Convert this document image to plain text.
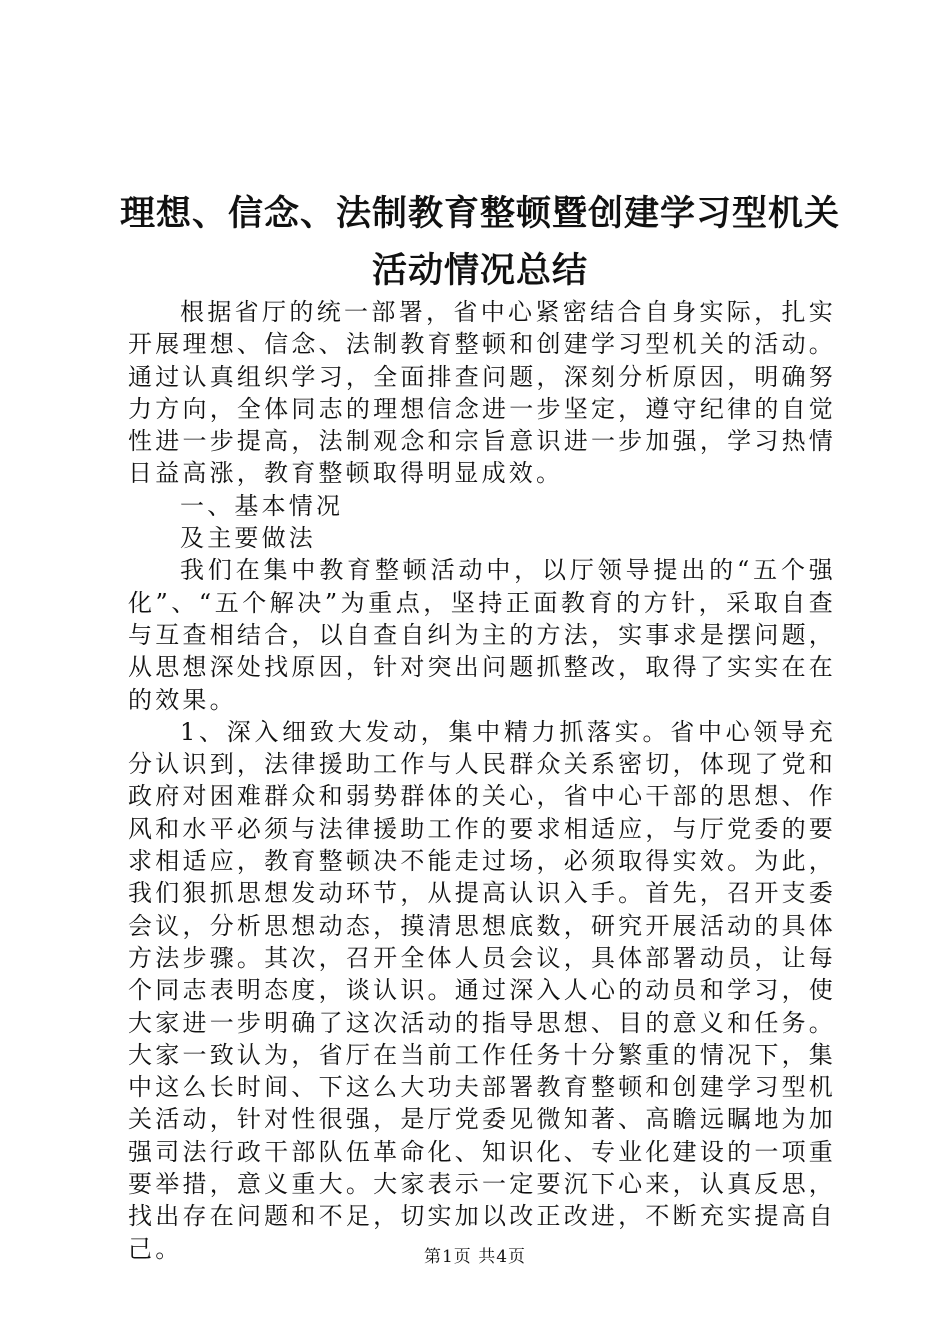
理想、信念、法制教育整顿暨创建学习型机关
活动情况总结

根据省厅的统一部署，省中心紧密结合自身实际，扎实开展理想、信念、法制教育整顿和创建学习型机关的活动。通过认真组织学习，全面排查问题，深刻分析原因，明确努力方向，全体同志的理想信念进一步坚定，遵守纪律的自觉性进一步提高，法制观念和宗旨意识进一步加强，学习热情日益高涨，教育整顿取得明显成效。

一、基本情况

及主要做法

我们在集中教育整顿活动中，以厅领导提出的“五个强化”、“五个解决”为重点，坚持正面教育的方针，采取自查与互查相结合，以自查自纠为主的方法，实事求是摆问题，从思想深处找原因，针对突出问题抓整改，取得了实实在在的效果。

1、深入细致大发动，集中精力抓落实。省中心领导充分认识到，法律援助工作与人民群众关系密切，体现了党和政府对困难群众和弱势群体的关心，省中心干部的思想、作风和水平必须与法律援助工作的要求相适应，与厅党委的要求相适应，教育整顿决不能走过场，必须取得实效。为此，我们狠抓思想发动环节，从提高认识入手。首先，召开支委会议，分析思想动态，摸清思想底数，研究开展活动的具体方法步骤。其次，召开全体人员会议，具体部署动员，让每个同志表明态度，谈认识。通过深入人心的动员和学习，使大家进一步明确了这次活动的指导思想、目的意义和任务。大家一致认为，省厅在当前工作任务十分繁重的情况下，集中这么长时间、下这么大功夫部署教育整顿和创建学习型机关活动，针对性很强，是厅党委见微知著、高瞻远瞩地为加强司法行政干部队伍革命化、知识化、专业化建设的一项重要举措，意义重大。大家表示一定要沉下心来，认真反思，找出存在问题和不足，切实加以改正改进，不断充实提高自己。	第1页 共4页
